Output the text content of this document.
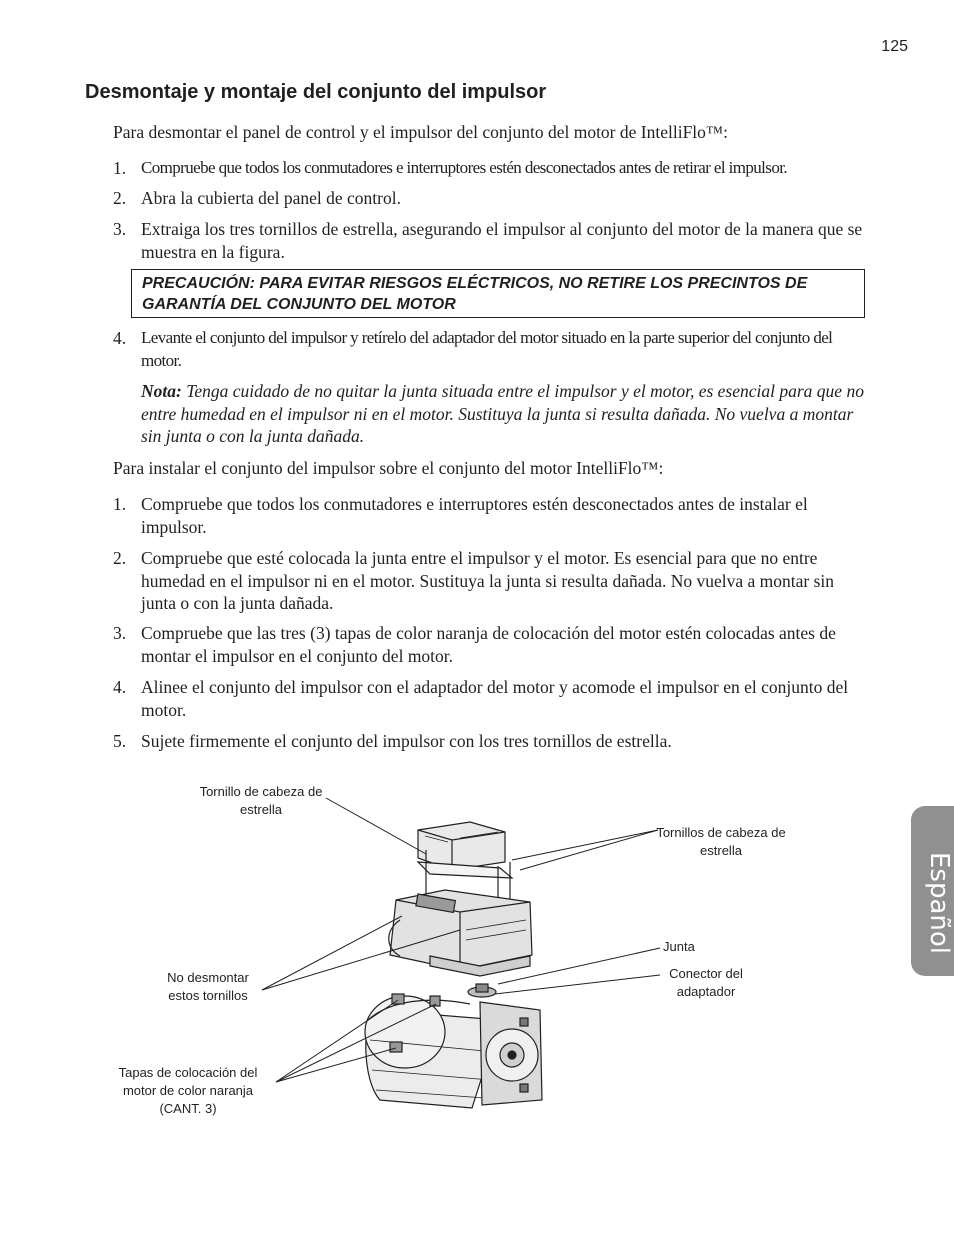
125
Desmontaje y montaje del conjunto del impulsor

Para desmontar el panel de control y el impulsor del conjunto del motor de IntelliFlo™:

1. Compruebe que todos los conmutadores e interruptores estén desconectados antes de retirar el impulsor.
2. Abra la cubierta del panel de control.
3. Extraiga los tres tornillos de estrella, asegurando el impulsor al conjunto del motor de la manera que se muestra en la figura.
PRECAUCIÓN: PARA EVITAR RIESGOS ELÉCTRICOS, NO RETIRE LOS PRECINTOS DE GARANTÍA DEL CONJUNTO DEL MOTOR
4. Levante el conjunto del impulsor y retírelo del adaptador del motor situado en la parte superior del conjunto del motor.
Nota: Tenga cuidado de no quitar la junta situada entre el impulsor y el motor, es esencial para que no entre humedad en el impulsor ni en el motor. Sustituya la junta si resulta dañada. No vuelva a montar sin junta o con la junta dañada.

Para instalar el conjunto del impulsor sobre el conjunto del motor IntelliFlo™:

1. Compruebe que todos los conmutadores e interruptores estén desconectados antes de instalar el impulsor.
2. Compruebe que esté colocada la junta entre el impulsor y el motor. Es esencial para que no entre humedad en el impulsor ni en el motor. Sustituya la junta si resulta dañada. No vuelva a montar sin junta o con la junta dañada.
3. Compruebe que las tres (3) tapas de color naranja de colocación del motor estén colocadas antes de montar el impulsor en el conjunto del motor.
4. Alinee el conjunto del impulsor con el adaptador del motor y acomode el impulsor en el conjunto del motor.
5. Sujete firmemente el conjunto del impulsor con los tres tornillos de estrella.
Tornillo de cabeza de estrella
Tornillos de cabeza de estrella
No desmontar estos tornillos
Junta
Conector del adaptador
Tapas de colocación del motor de color naranja (CANT. 3)
Español
